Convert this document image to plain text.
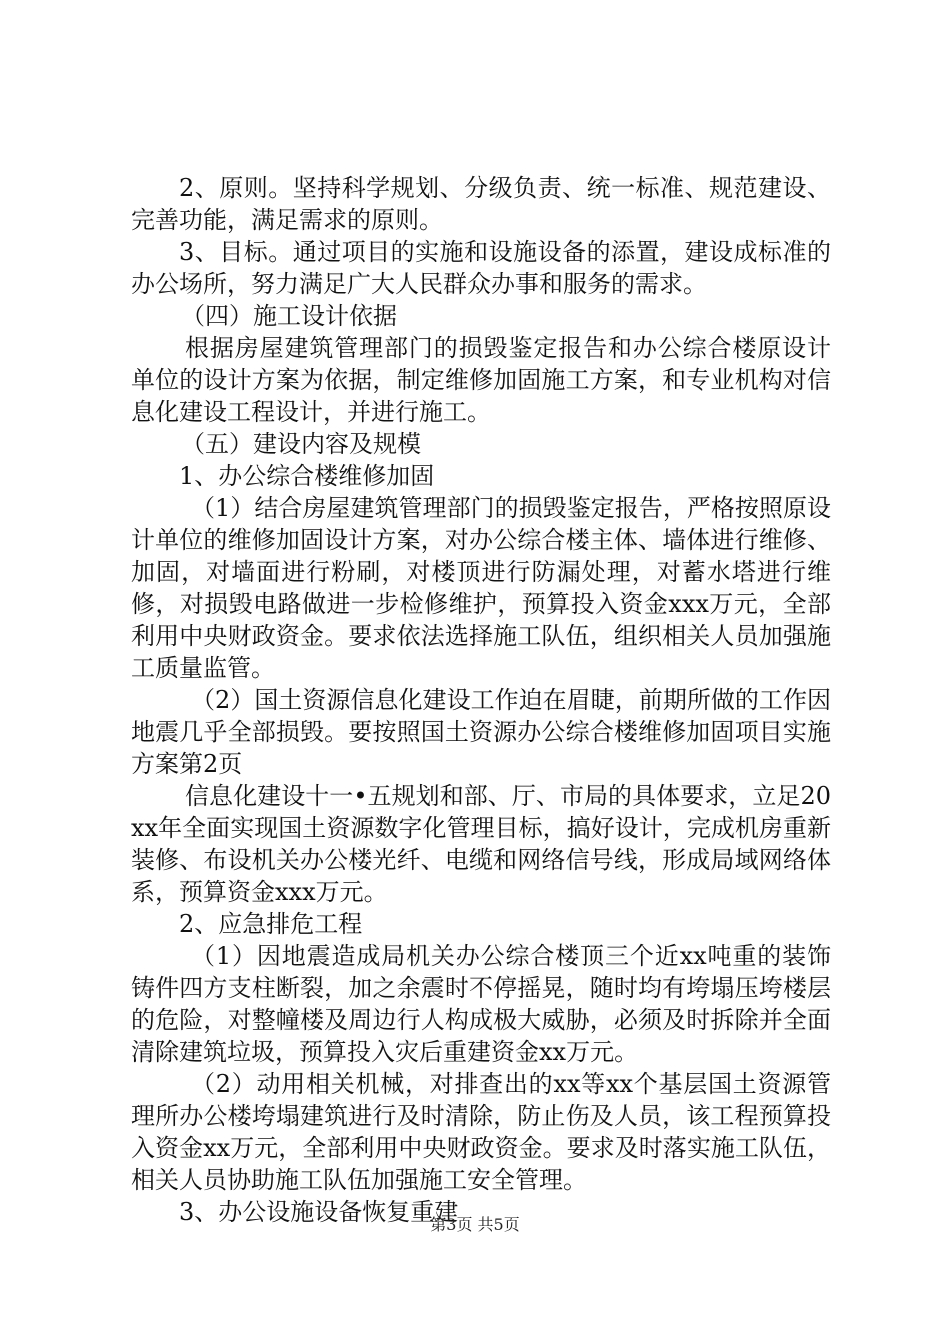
2、原则。坚持科学规划、分级负责、统一标准、规范建设、完善功能，满足需求的原则。

3、目标。通过项目的实施和设施设备的添置，建设成标准的办公场所，努力满足广大人民群众办事和服务的需求。

（四）施工设计依据

根据房屋建筑管理部门的损毁鉴定报告和办公综合楼原设计单位的设计方案为依据，制定维修加固施工方案，和专业机构对信息化建设工程设计，并进行施工。

（五）建设内容及规模

1、办公综合楼维修加固

（1）结合房屋建筑管理部门的损毁鉴定报告，严格按照原设计单位的维修加固设计方案，对办公综合楼主体、墙体进行维修、加固，对墙面进行粉刷，对楼顶进行防漏处理，对蓄水塔进行维修，对损毁电路做进一步检修维护，预算投入资金xxx万元，全部利用中央财政资金。要求依法选择施工队伍，组织相关人员加强施工质量监管。

（2）国土资源信息化建设工作迫在眉睫，前期所做的工作因地震几乎全部损毁。要按照国土资源办公综合楼维修加固项目实施方案第2页

信息化建设十一•五规划和部、厅、市局的具体要求，立足20xx年全面实现国土资源数字化管理目标，搞好设计，完成机房重新装修、布设机关办公楼光纤、电缆和网络信号线，形成局域网络体系，预算资金xxx万元。

2、应急排危工程

（1）因地震造成局机关办公综合楼顶三个近xx吨重的装饰铸件四方支柱断裂，加之余震时不停摇晃，随时均有垮塌压垮楼层的危险，对整幢楼及周边行人构成极大威胁，必须及时拆除并全面清除建筑垃圾，预算投入灾后重建资金xx万元。

（2）动用相关机械，对排查出的xx等xx个基层国土资源管理所办公楼垮塌建筑进行及时清除，防止伤及人员，该工程预算投入资金xx万元，全部利用中央财政资金。要求及时落实施工队伍，相关人员协助施工队伍加强施工安全管理。

3、办公设施设备恢复重建

第3页 共5页
